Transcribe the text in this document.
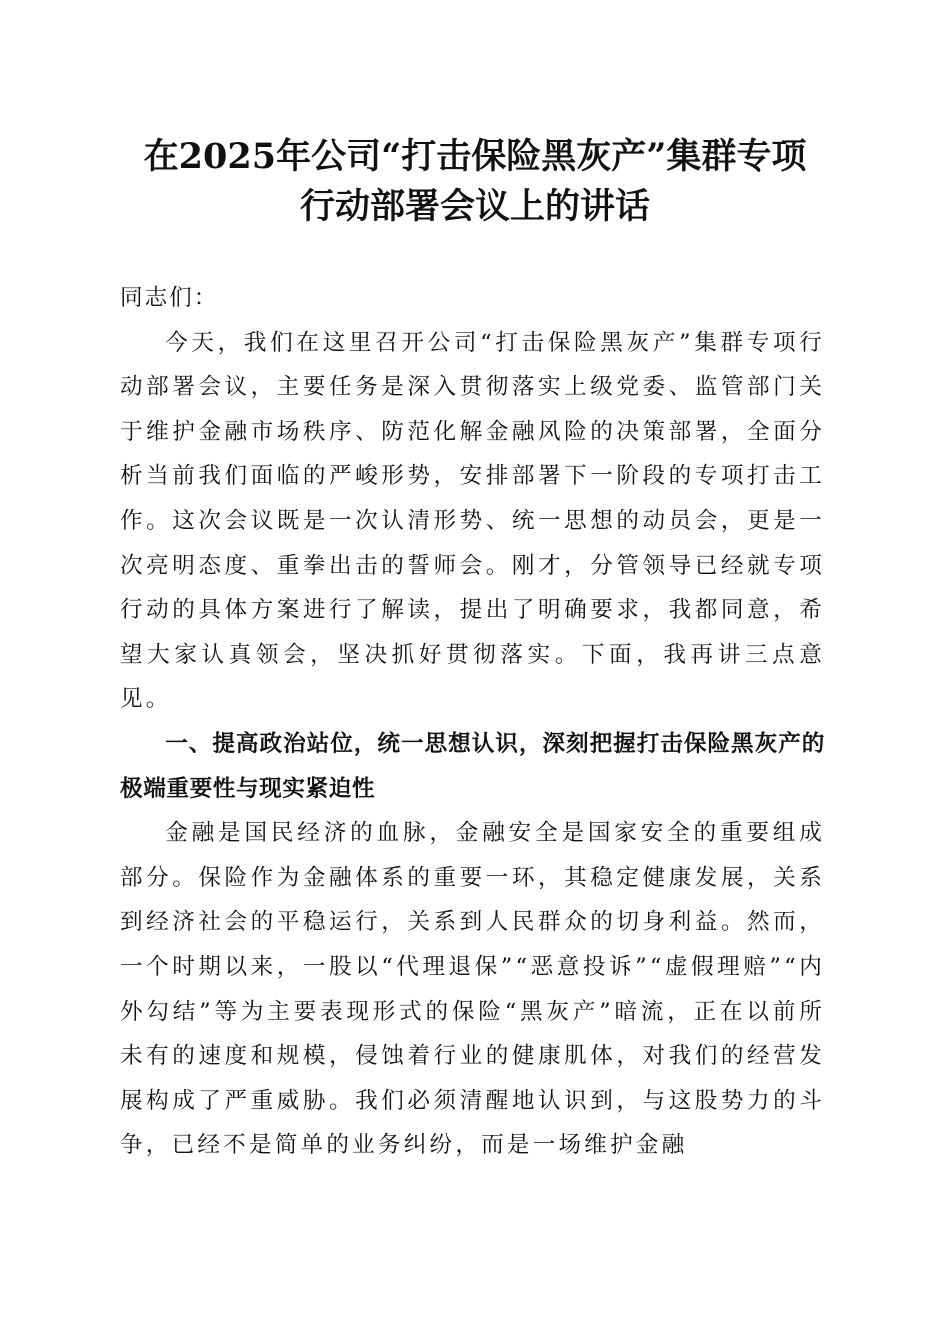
在2025年公司“打击保险黑灰产”集群专项
行动部署会议上的讲话

同志们：

今天，我们在这里召开公司“打击保险黑灰产”集群专项行动部署会议，主要任务是深入贯彻落实上级党委、监管部门关于维护金融市场秩序、防范化解金融风险的决策部署，全面分析当前我们面临的严峻形势，安排部署下一阶段的专项打击工作。这次会议既是一次认清形势、统一思想的动员会，更是一次亮明态度、重拳出击的誓师会。刚才，分管领导已经就专项行动的具体方案进行了解读，提出了明确要求，我都同意，希望大家认真领会，坚决抓好贯彻落实。下面，我再讲三点意见。

一、提高政治站位，统一思想认识，深刻把握打击保险黑灰产的极端重要性与现实紧迫性

金融是国民经济的血脉，金融安全是国家安全的重要组成部分。保险作为金融体系的重要一环，其稳定健康发展，关系到经济社会的平稳运行，关系到人民群众的切身利益。然而，一个时期以来，一股以“代理退保”“恶意投诉”“虚假理赔”“内外勾结”等为主要表现形式的保险“黑灰产”暗流，正在以前所未有的速度和规模，侵蚀着行业的健康肌体，对我们的经营发展构成了严重威胁。我们必须清醒地认识到，与这股势力的斗争，已经不是简单的业务纠纷，而是一场维护金融
